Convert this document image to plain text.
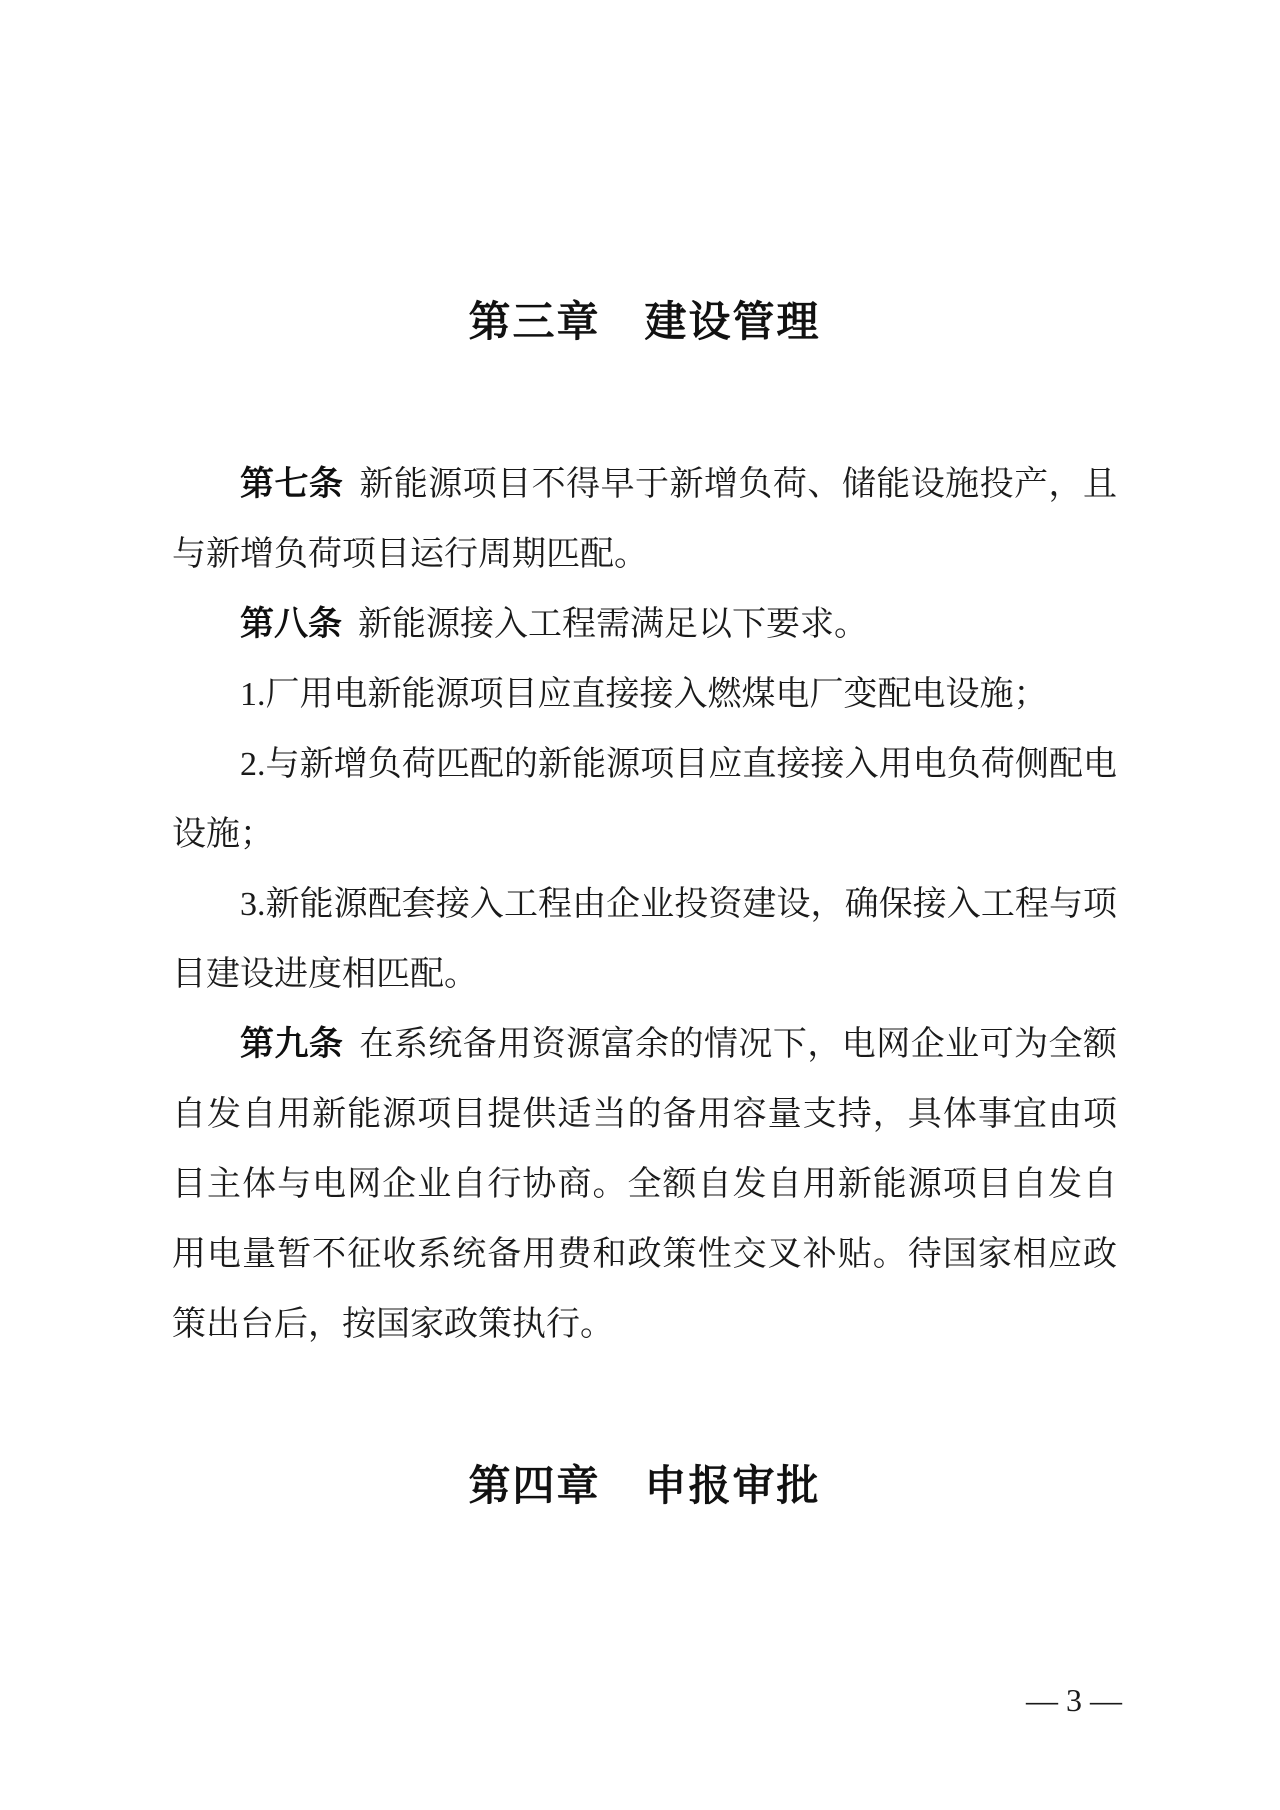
第三章　建设管理

第七条 新能源项目不得早于新增负荷、储能设施投产，且与新增负荷项目运行周期匹配。

第八条 新能源接入工程需满足以下要求。

1.厂用电新能源项目应直接接入燃煤电厂变配电设施；

2.与新增负荷匹配的新能源项目应直接接入用电负荷侧配电设施；

3.新能源配套接入工程由企业投资建设，确保接入工程与项目建设进度相匹配。

第九条 在系统备用资源富余的情况下，电网企业可为全额自发自用新能源项目提供适当的备用容量支持，具体事宜由项目主体与电网企业自行协商。全额自发自用新能源项目自发自用电量暂不征收系统备用费和政策性交叉补贴。待国家相应政策出台后，按国家政策执行。

第四章　申报审批
— 3 —
